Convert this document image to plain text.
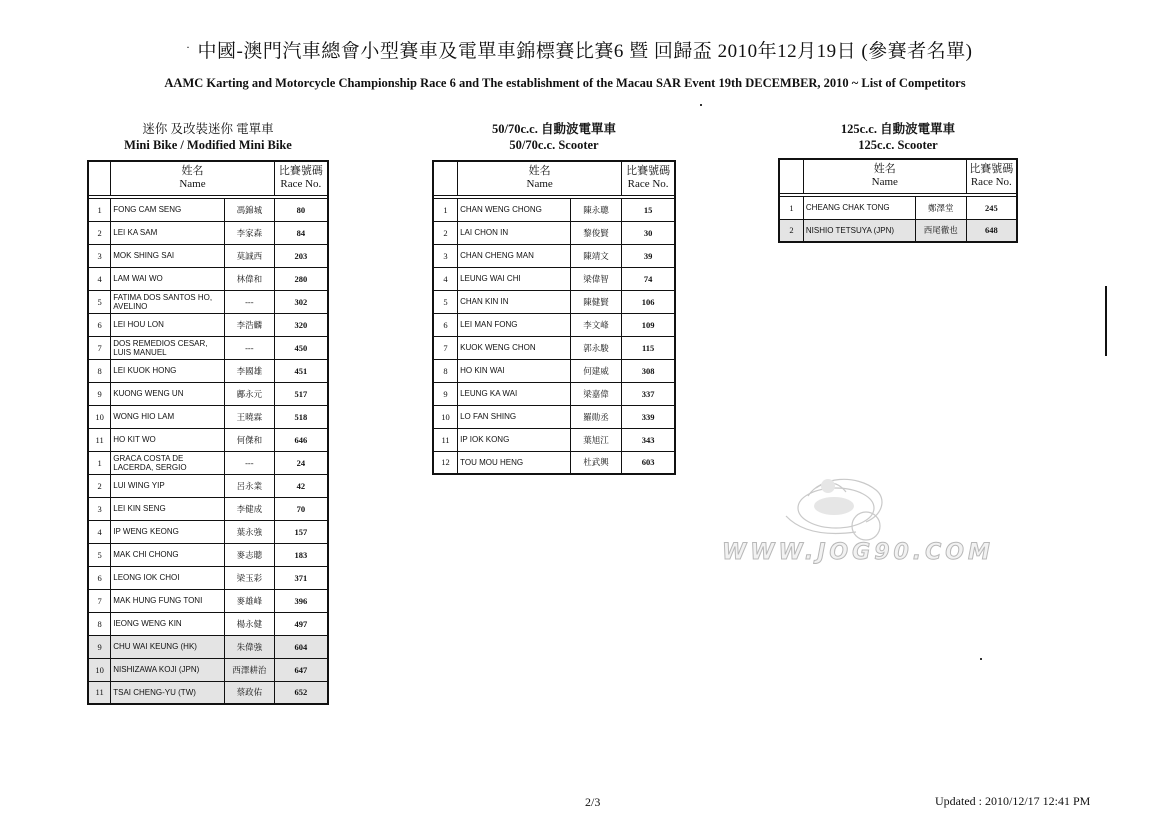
· 中國-澳門汽車總會小型賽車及電單車錦標賽比賽6 暨 回歸盃 2010年12月19日 (參賽者名單)
AAMC Karting and Motorcycle Championship Race 6 and The establishment of the Macau SAR Event 19th DECEMBER, 2010 ~ List of Competitors
迷你 及改裝迷你 電單車
Mini Bike / Modified Mini Bike

	姓名
Name		比賽號碼
Race No.

1	FONG CAM SENG	馮錦城	80
2	LEI KA SAM	李家森	84
3	MOK SHING SAI	莫誠西	203
4	LAM WAI WO	林偉和	280
5	FATIMA DOS SANTOS HO, AVELINO	---	302
6	LEI HOU LON	李浩麟	320
7	DOS REMEDIOS CESAR, LUIS MANUEL	---	450
8	LEI KUOK HONG	李國雄	451
9	KUONG WENG UN	鄺永元	517
10	WONG HIO LAM	王曉霖	518
11	HO KIT WO	何傑和	646
1	GRACA COSTA DE LACERDA, SERGIO	---	24
2	LUI WING YIP	呂永業	42
3	LEI KIN SENG	李健成	70
4	IP WENG KEONG	葉永強	157
5	MAK CHI CHONG	麥志聰	183
6	LEONG IOK CHOI	梁玉彩	371
7	MAK HUNG FUNG TONI	麥雄峰	396
8	IEONG WENG KIN	楊永健	497
9	CHU WAI KEUNG (HK)	朱偉強	604
10	NISHIZAWA KOJI (JPN)	西澤耕治	647
11	TSAI CHENG-YU (TW)	蔡政佑	652
50/70c.c. 自動波電單車
50/70c.c. Scooter

	姓名
Name		比賽號碼
Race No.

1	CHAN WENG CHONG	陳永聰	15
2	LAI CHON IN	黎俊賢	30
3	CHAN CHENG MAN	陳靖文	39
4	LEUNG WAI CHI	梁偉智	74
5	CHAN KIN IN	陳健賢	106
6	LEI MAN FONG	李文峰	109
7	KUOK WENG CHON	郭永駿	115
8	HO KIN WAI	何建威	308
9	LEUNG KA WAI	梁嘉偉	337
10	LO FAN SHING	羅勛丞	339
11	IP IOK KONG	葉旭江	343
12	TOU MOU HENG	杜武興	603
125c.c. 自動波電單車
125c.c. Scooter

	姓名
Name		比賽號碼
Race No.

1	CHEANG CHAK TONG	鄭澤堂	245
2	NISHIO TETSUYA (JPN)	西尾徹也	648
WWW.JOG90.COM
2/3	Updated : 2010/12/17 12:41 PM
